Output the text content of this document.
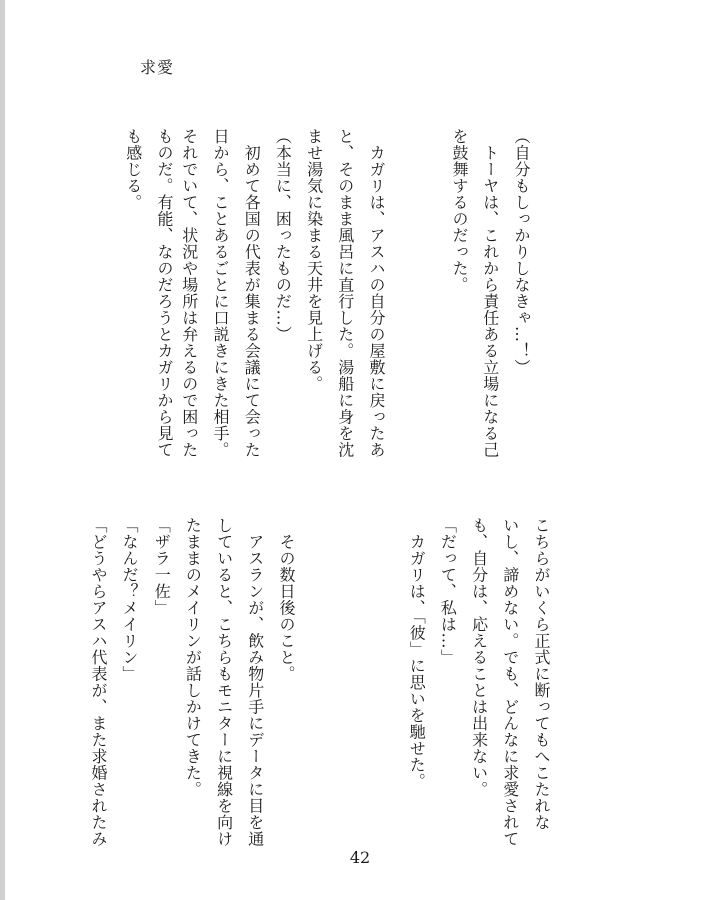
求愛
（自分もしっかりしなきゃ…！）
　トーヤは、これから責任ある立場になる己
　カガリは、アスハの自分の屋敷に戻ったあ
と、そのまま風呂に直行した。湯船に身を沈
ませ湯気に染まる天井を見上げる。
（本当に、困ったものだ…）
　初めて各国の代表が集まる会議にて会った
日から、ことあるごとに口説きにきた相手。
それでいて、状況や場所は弁えるので困った
こちらがいくら正式に断ってもへこたれな
いし、諦めない。でも、どんなに求愛されて
も、自分は、応えることは出来ない。
「だって、私は…」
　カガリは、「彼」に思いを馳せた。
　その数日後のこと。
　アスランが、飲み物片手にデータに目を通
していると、こちらもモニターに視線を向け
たままのメイリンが話しかけてきた。
「ザラ一佐」
ものだ。有能、なのだろうとカガリから見て
も感じる。	を鼓舞するのだった。
「どうやらアスハ代表が、また求婚されたみ 「なんだ？メイリン」
42
